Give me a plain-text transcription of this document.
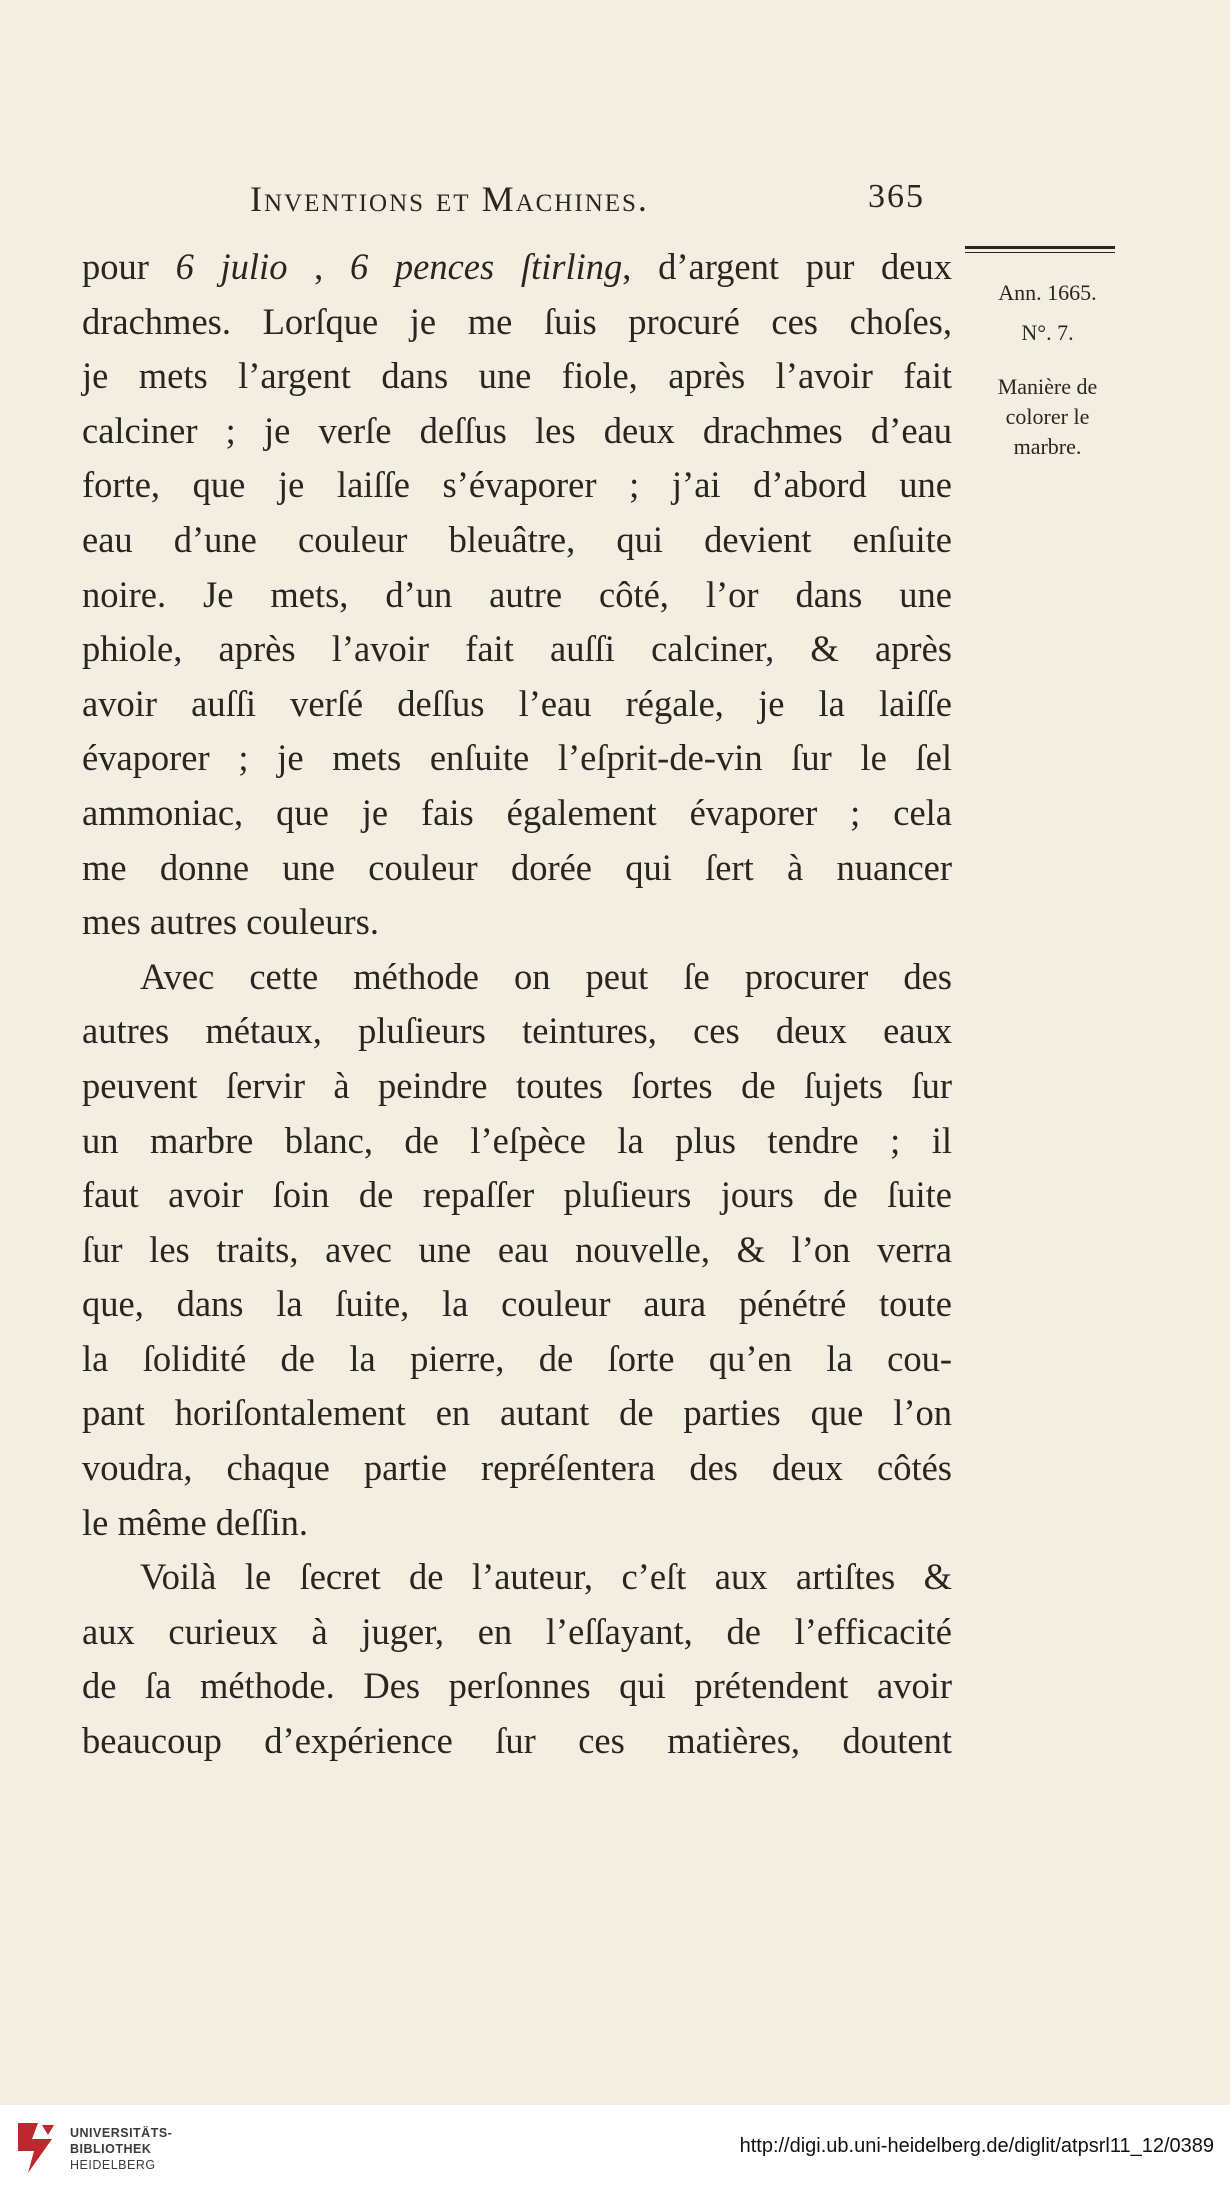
Inventions et Machines.	365
Ann. 1665.
N°. 7.
Manière de
colorer le
marbre.
pour 6 julio , 6 pences ſtirling, d’argent pur deux
drachmes. Lorſque je me ſuis procuré ces choſes,
je mets l’argent dans une fiole, après l’avoir fait
calciner ; je verſe deſſus les deux drachmes d’eau
forte, que je laiſſe s’évaporer ; j’ai d’abord une
eau d’une couleur bleuâtre, qui devient enſuite
noire. Je mets, d’un autre côté, l’or dans une
phiole, après l’avoir fait auſſi calciner, & après
avoir auſſi verſé deſſus l’eau régale, je la laiſſe
évaporer ; je mets enſuite l’eſprit-de-vin ſur le ſel
ammoniac, que je fais également évaporer ; cela
me donne une couleur dorée qui ſert à nuancer
mes autres couleurs.
Avec cette méthode on peut ſe procurer des
autres métaux, pluſieurs teintures, ces deux eaux
peuvent ſervir à peindre toutes ſortes de ſujets ſur
un marbre blanc, de l’eſpèce la plus tendre ; il
faut avoir ſoin de repaſſer pluſieurs jours de ſuite
ſur les traits, avec une eau nouvelle, & l’on verra
que, dans la ſuite, la couleur aura pénétré toute
la ſolidité de la pierre, de ſorte qu’en la cou-
pant horiſontalement en autant de parties que l’on
voudra, chaque partie repréſentera des deux côtés
le même deſſin.
Voilà le ſecret de l’auteur, c’eſt aux artiſtes &
aux curieux à juger, en l’eſſayant, de l’efficacité
de ſa méthode. Des perſonnes qui prétendent avoir
beaucoup d’expérience ſur ces matières, doutent
UNIVERSITÄTS-
BIBLIOTHEK
HEIDELBERG
http://digi.ub.uni-heidelberg.de/diglit/atpsrl11_12/0389
